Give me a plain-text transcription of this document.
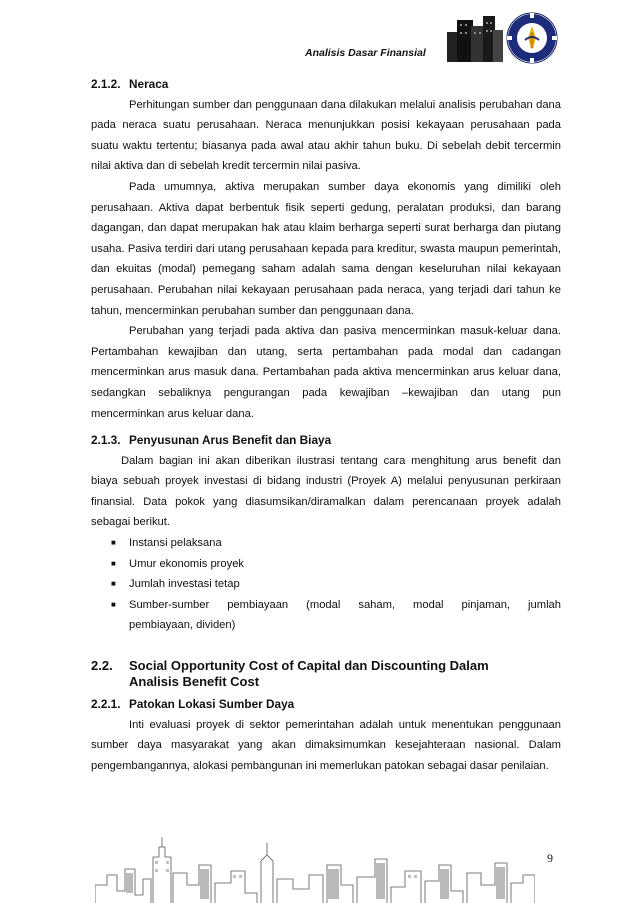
Analisis Dasar Finansial

2.1.2. Neraca

Perhitungan sumber dan penggunaan dana dilakukan melalui analisis perubahan dana pada neraca suatu perusahaan. Neraca menunjukkan posisi kekayaan perusahaan pada suatu waktu tertentu; biasanya pada awal atau akhir tahun buku. Di sebelah debit tercermin nilai aktiva dan di sebelah kredit tercermin nilai pasiva.

Pada umumnya, aktiva merupakan sumber daya ekonomis yang dimiliki oleh perusahaan. Aktiva dapat berbentuk fisik seperti gedung, peralatan produksi, dan barang dagangan, dan dapat merupakan hak atau klaim berharga seperti surat berharga dan piutang usaha. Pasiva terdiri dari utang perusahaan kepada para kreditur, swasta maupun pemerintah, dan ekuitas (modal) pemegang saham adalah sama dengan keseluruhan nilai kekayaan perusahaan. Perubahan nilai kekayaan perusahaan pada neraca, yang terjadi dari tahun ke tahun, mencerminkan perubahan sumber dan penggunaan dana.

Perubahan yang terjadi pada aktiva dan pasiva mencerminkan masuk-keluar dana. Pertambahan kewajiban dan utang, serta pertambahan pada modal dan cadangan mencerminkan arus masuk dana. Pertambahan pada aktiva mencerminkan arus keluar dana, sedangkan sebaliknya pengurangan pada kewajiban –kewajiban dan utang pun mencerminkan arus keluar dana.

2.1.3. Penyusunan Arus Benefit dan Biaya

Dalam bagian ini akan diberikan ilustrasi tentang cara menghitung arus benefit dan biaya sebuah proyek investasi di bidang industri (Proyek A) melalui penyusunan perkiraan finansial. Data pokok yang diasumsikan/diramalkan dalam perencanaan proyek adalah sebagai berikut.

■ Instansi pelaksana
■ Umur ekonomis proyek
■ Jumlah investasi tetap
■ Sumber-sumber pembiayaan (modal saham, modal pinjaman, jumlah
pembiayaan, dividen)
2.2.	Social Opportunity Cost of Capital dan Discounting Dalam
Analisis Benefit Cost

2.2.1. Patokan Lokasi Sumber Daya

Inti evaluasi proyek di sektor pemerintahan adalah untuk menentukan penggunaan sumber daya masyarakat yang akan dimaksimumkan kesejahteraan nasional. Dalam pengembangannya, alokasi pembangunan ini memerlukan patokan sebagai dasar penilaian.

9
